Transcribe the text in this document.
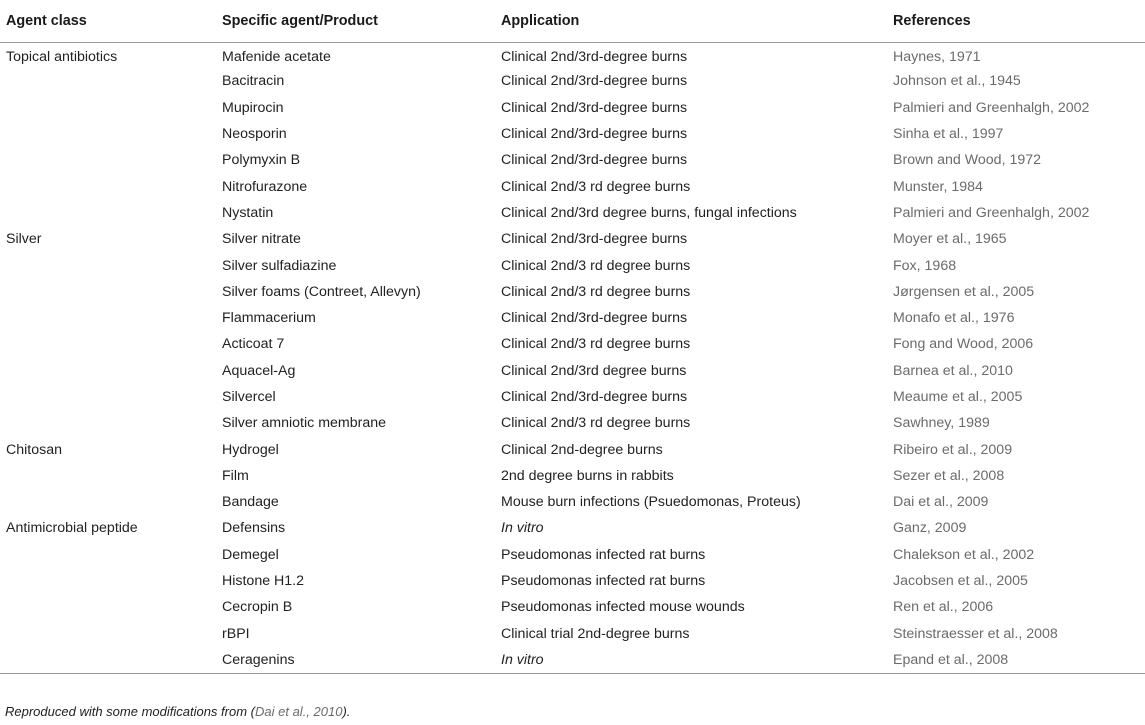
Agent class	Specific agent/Product	Application	References
Topical antibiotics	Mafenide acetate	Clinical 2nd/3rd-degree burns	Haynes, 1971
	Bacitracin	Clinical 2nd/3rd-degree burns	Johnson et al., 1945
	Mupirocin	Clinical 2nd/3rd-degree burns	Palmieri and Greenhalgh, 2002
	Neosporin	Clinical 2nd/3rd-degree burns	Sinha et al., 1997
	Polymyxin B	Clinical 2nd/3rd-degree burns	Brown and Wood, 1972
	Nitrofurazone	Clinical 2nd/3 rd degree burns	Munster, 1984
	Nystatin	Clinical 2nd/3rd degree burns, fungal infections	Palmieri and Greenhalgh, 2002
Silver	Silver nitrate	Clinical 2nd/3rd-degree burns	Moyer et al., 1965
	Silver sulfadiazine	Clinical 2nd/3 rd degree burns	Fox, 1968
	Silver foams (Contreet, Allevyn)	Clinical 2nd/3 rd degree burns	Jørgensen et al., 2005
	Flammacerium	Clinical 2nd/3rd-degree burns	Monafo et al., 1976
	Acticoat 7	Clinical 2nd/3 rd degree burns	Fong and Wood, 2006
	Aquacel-Ag	Clinical 2nd/3rd degree burns	Barnea et al., 2010
	Silvercel	Clinical 2nd/3rd-degree burns	Meaume et al., 2005
	Silver amniotic membrane	Clinical 2nd/3 rd degree burns	Sawhney, 1989
Chitosan	Hydrogel	Clinical 2nd-degree burns	Ribeiro et al., 2009
	Film	2nd degree burns in rabbits	Sezer et al., 2008
	Bandage	Mouse burn infections (Psuedomonas, Proteus)	Dai et al., 2009
Antimicrobial peptide	Defensins	In vitro	Ganz, 2009
	Demegel	Pseudomonas infected rat burns	Chalekson et al., 2002
	Histone H1.2	Pseudomonas infected rat burns	Jacobsen et al., 2005
	Cecropin B	Pseudomonas infected mouse wounds	Ren et al., 2006
	rBPI	Clinical trial 2nd-degree burns	Steinstraesser et al., 2008
	Ceragenins	In vitro	Epand et al., 2008
Reproduced with some modifications from (Dai et al., 2010).
